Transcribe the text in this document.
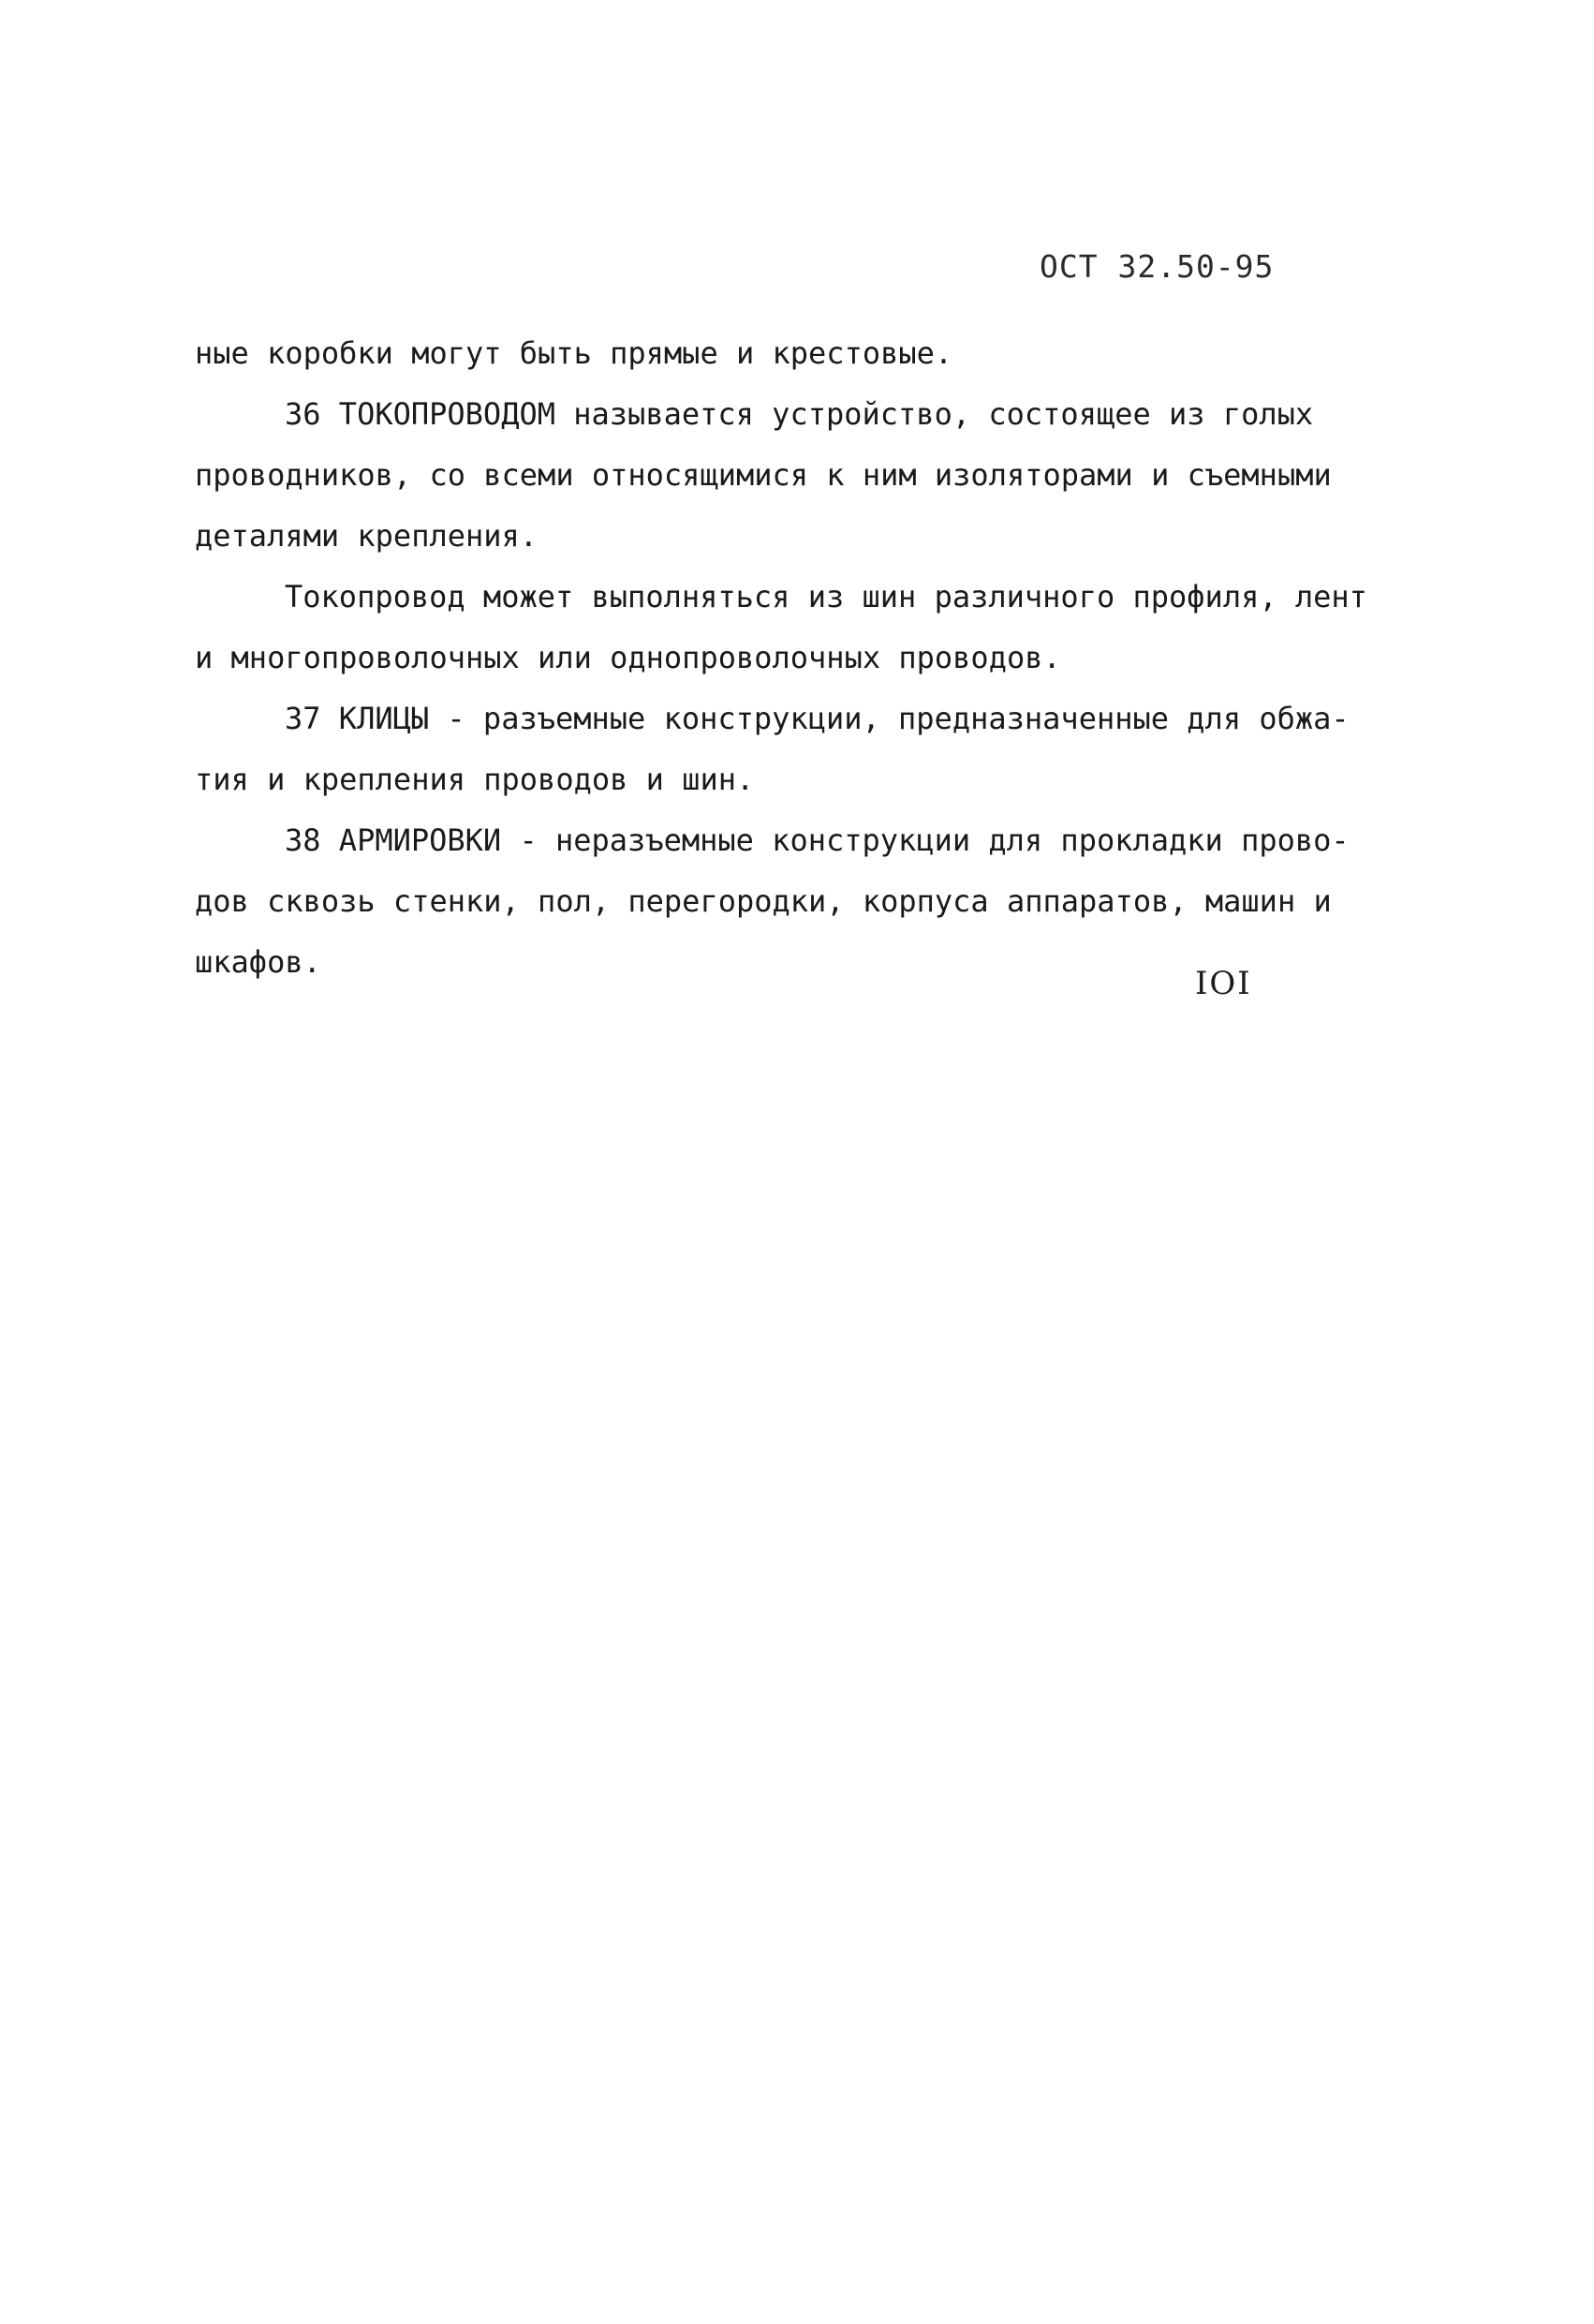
ОСТ 32.50-95
ные коробки могут быть прямые и крестовые.
36 ТОКОПРОВОДОМ называется устройство, состоящее из голых
проводников, со всеми относящимися к ним изоляторами и съемными
деталями крепления.
Токопровод может выполняться из шин различного профиля, лент
и многопроволочных или однопроволочных проводов.
37 КЛИЦЫ - разъемные конструкции, предназначенные для обжа-
тия и крепления проводов и шин.
38 АРМИРОВКИ - неразъемные конструкции для прокладки прово-
дов сквозь стенки, пол, перегородки, корпуса аппаратов, машин и
шкафов.
IOI
